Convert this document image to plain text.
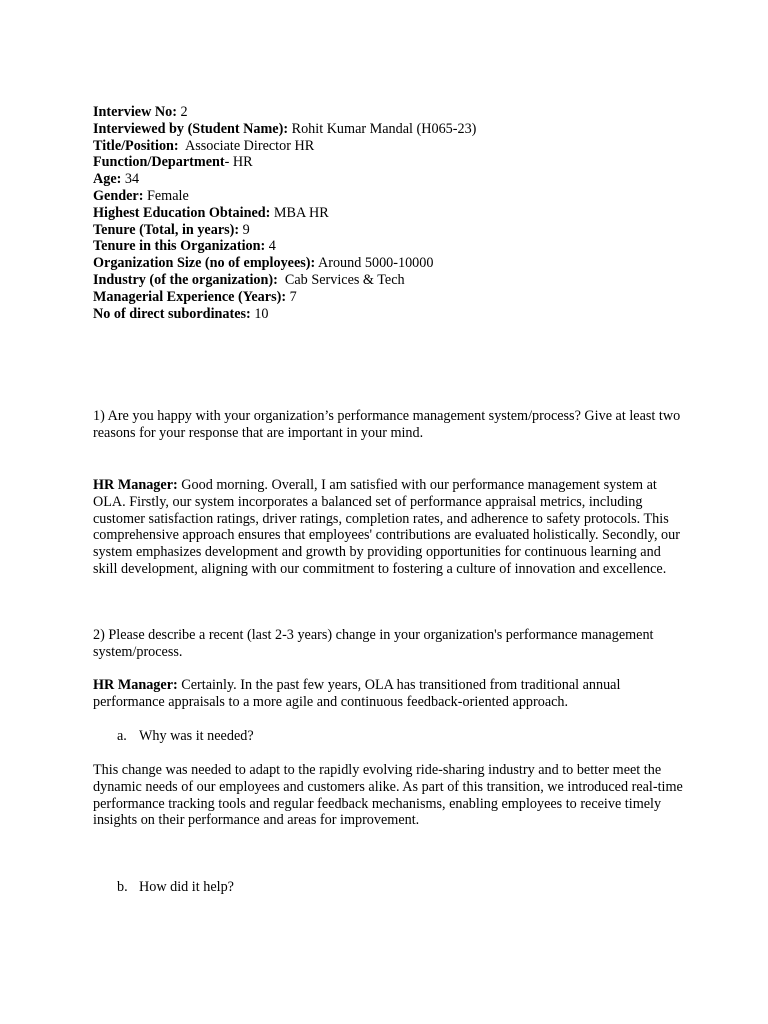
Interview No: 2
Interviewed by (Student Name): Rohit Kumar Mandal (H065-23)
Title/Position:  Associate Director HR
Function/Department- HR
Age: 34
Gender: Female
Highest Education Obtained: MBA HR
Tenure (Total, in years): 9
Tenure in this Organization: 4
Organization Size (no of employees): Around 5000-10000
Industry (of the organization):  Cab Services & Tech
Managerial Experience (Years): 7
No of direct subordinates: 10

1) Are you happy with your organization’s performance management system/process? Give at least two reasons for your response that are important in your mind.

HR Manager: Good morning. Overall, I am satisfied with our performance management system at OLA. Firstly, our system incorporates a balanced set of performance appraisal metrics, including customer satisfaction ratings, driver ratings, completion rates, and adherence to safety protocols. This comprehensive approach ensures that employees' contributions are evaluated holistically. Secondly, our system emphasizes development and growth by providing opportunities for continuous learning and skill development, aligning with our commitment to fostering a culture of innovation and excellence.

2) Please describe a recent (last 2-3 years) change in your organization's performance management system/process.

HR Manager: Certainly. In the past few years, OLA has transitioned from traditional annual performance appraisals to a more agile and continuous feedback-oriented approach.

a. Why was it needed?

This change was needed to adapt to the rapidly evolving ride-sharing industry and to better meet the dynamic needs of our employees and customers alike. As part of this transition, we introduced real-time performance tracking tools and regular feedback mechanisms, enabling employees to receive timely insights on their performance and areas for improvement.

b. How did it help?
